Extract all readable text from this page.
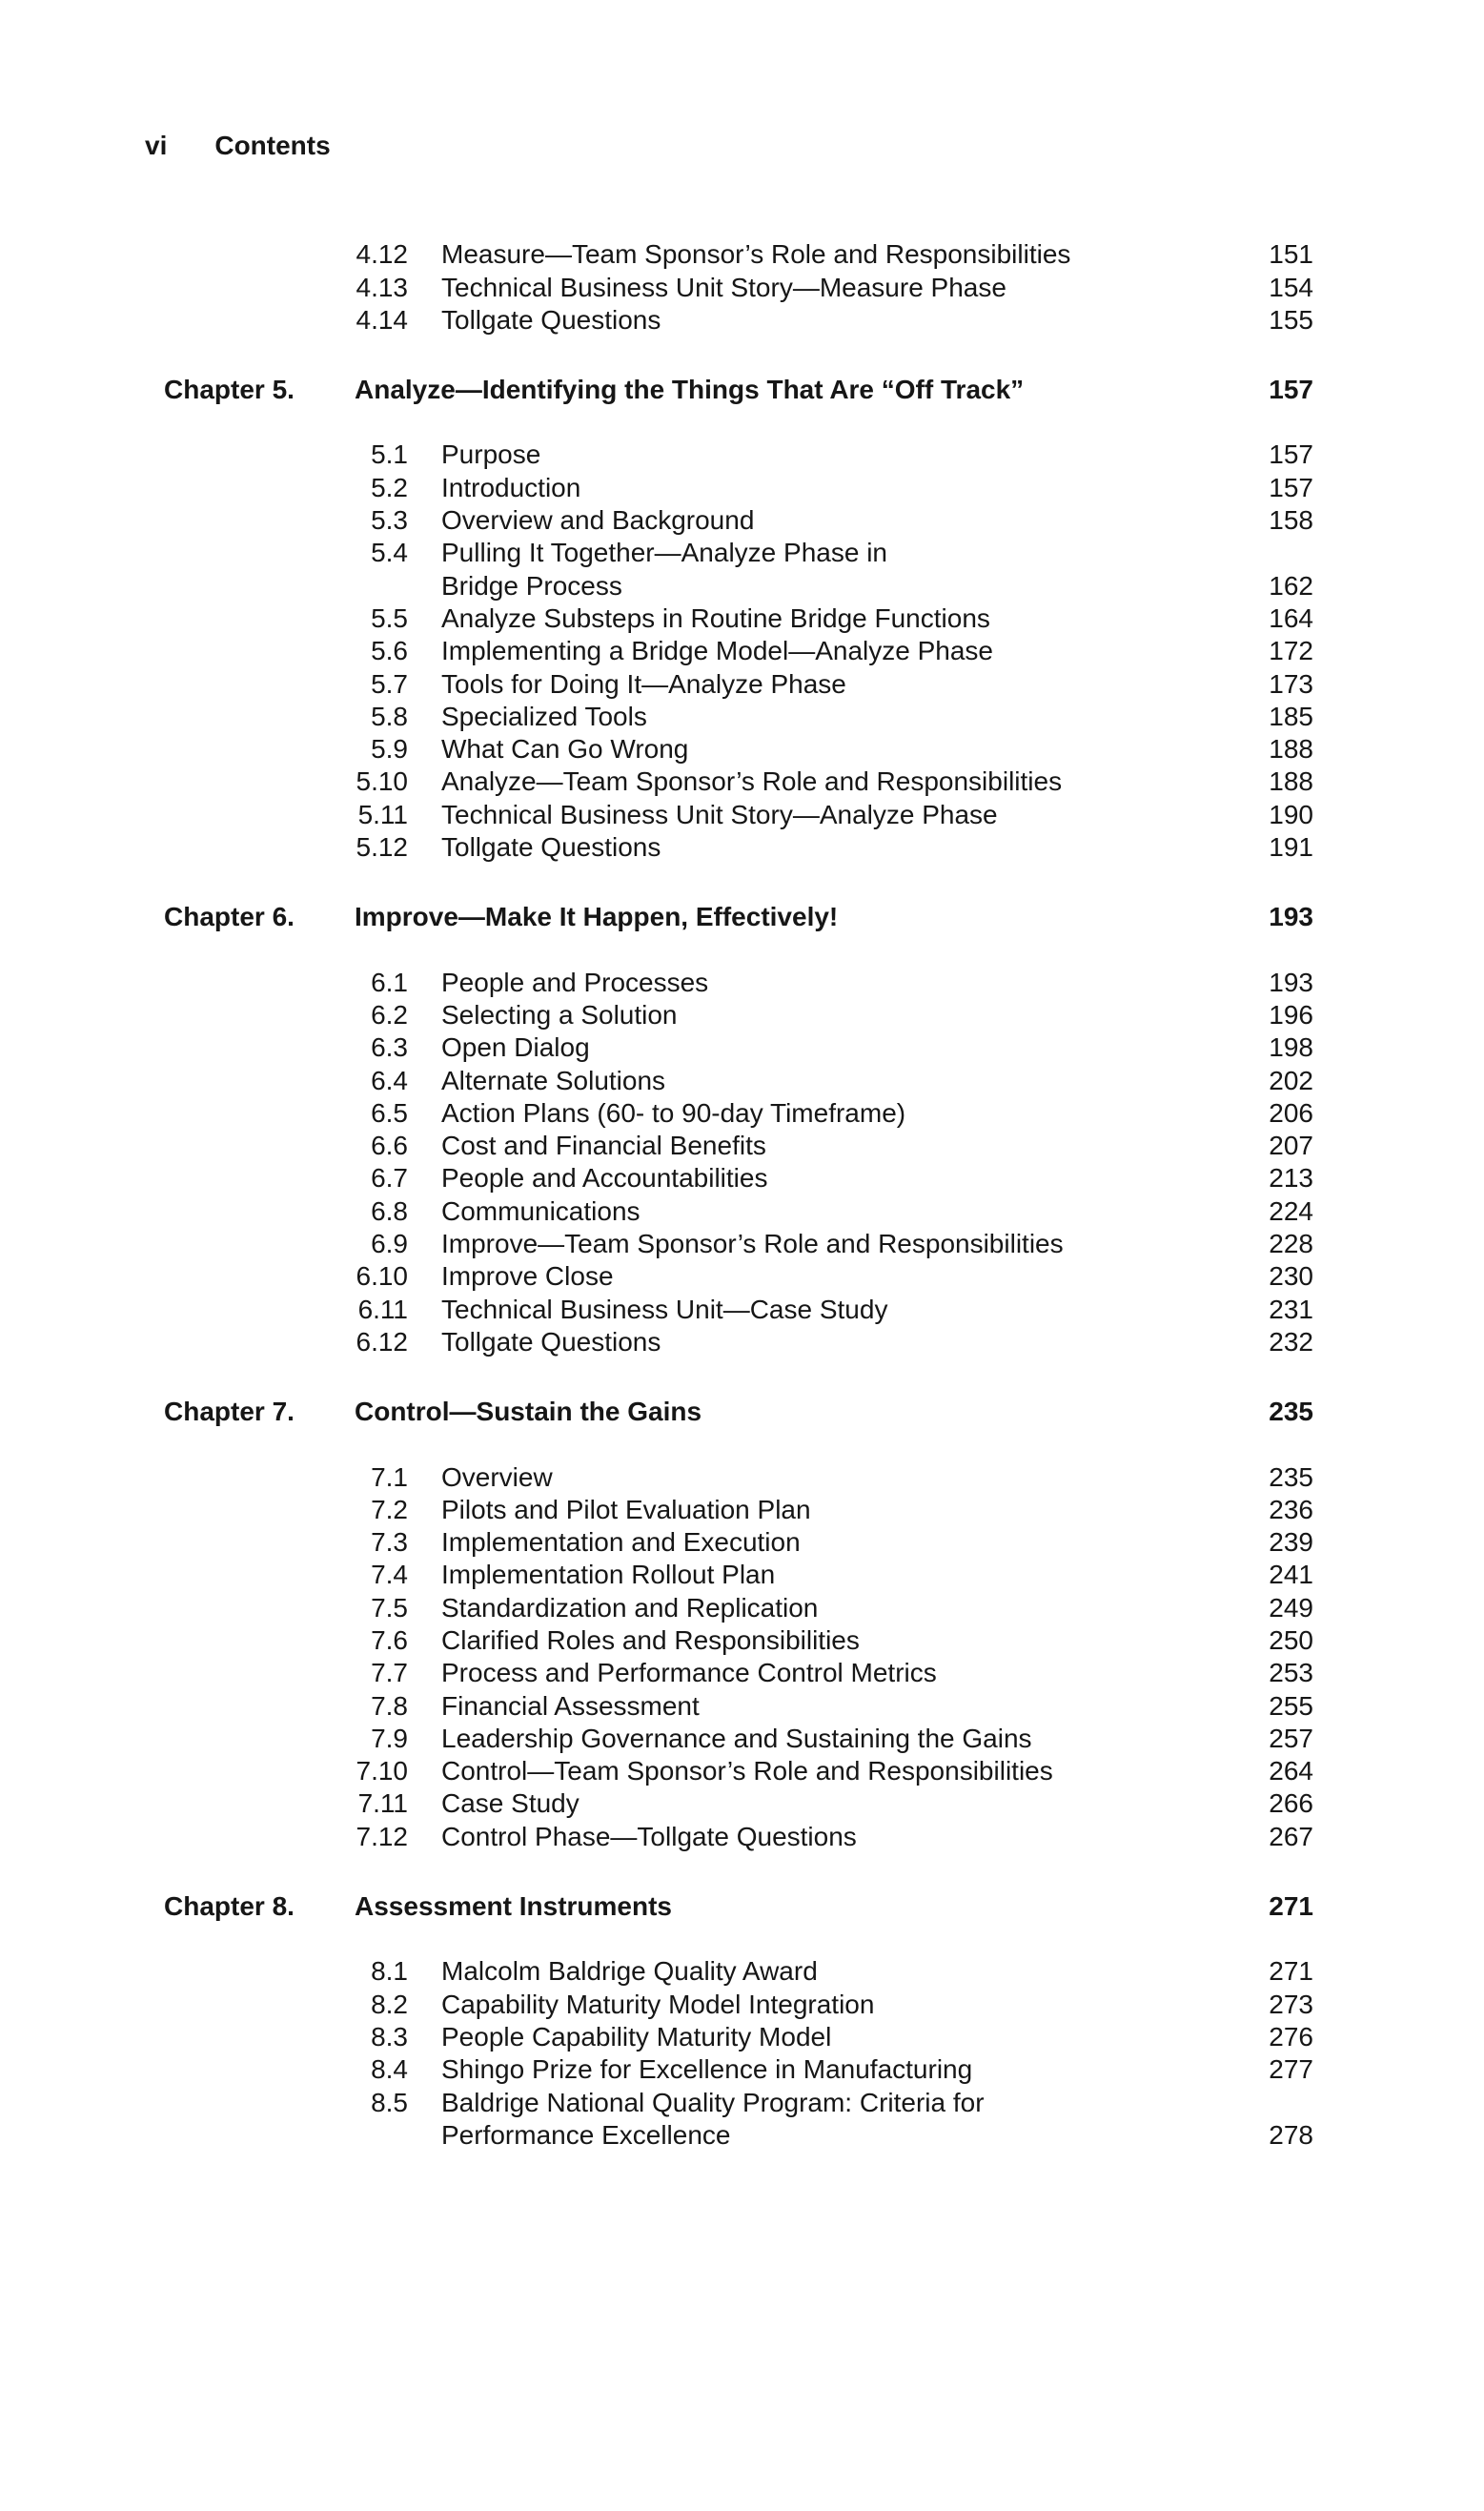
vi Contents
4.12 Measure—Team Sponsor’s Role and Responsibilities	151
4.13 Technical Business Unit Story—Measure Phase	154
4.14 Tollgate Questions	155
Chapter 5.	Analyze—Identifying the Things That Are “Off Track”	157
5.1 Purpose	157
5.2 Introduction	157
5.3 Overview and Background	158
5.4 Pulling It Together—Analyze Phase in
Bridge Process	162
5.5 Analyze Substeps in Routine Bridge Functions	164
5.6 Implementing a Bridge Model—Analyze Phase	172
5.7 Tools for Doing It—Analyze Phase	173
5.8 Specialized Tools	185
5.9 What Can Go Wrong	188
5.10 Analyze—Team Sponsor’s Role and Responsibilities	188
5.11 Technical Business Unit Story—Analyze Phase	190
5.12 Tollgate Questions	191
Chapter 6.	Improve—Make It Happen, Effectively!	193
6.1 People and Processes	193
6.2 Selecting a Solution	196
6.3 Open Dialog	198
6.4 Alternate Solutions	202
6.5 Action Plans (60- to 90-day Timeframe)	206
6.6 Cost and Financial Benefits	207
6.7 People and Accountabilities	213
6.8 Communications	224
6.9 Improve—Team Sponsor’s Role and Responsibilities	228
6.10 Improve Close	230
6.11 Technical Business Unit—Case Study	231
6.12 Tollgate Questions	232
Chapter 7.	Control—Sustain the Gains	235
7.1 Overview	235
7.2 Pilots and Pilot Evaluation Plan	236
7.3 Implementation and Execution	239
7.4 Implementation Rollout Plan	241
7.5 Standardization and Replication	249
7.6 Clarified Roles and Responsibilities	250
7.7 Process and Performance Control Metrics	253
7.8 Financial Assessment	255
7.9 Leadership Governance and Sustaining the Gains	257
7.10 Control—Team Sponsor’s Role and Responsibilities	264
7.11 Case Study	266
7.12 Control Phase—Tollgate Questions	267
Chapter 8.	Assessment Instruments	271
8.1 Malcolm Baldrige Quality Award	271
8.2 Capability Maturity Model Integration	273
8.3 People Capability Maturity Model	276
8.4 Shingo Prize for Excellence in Manufacturing	277
8.5 Baldrige National Quality Program: Criteria for
Performance Excellence	278
